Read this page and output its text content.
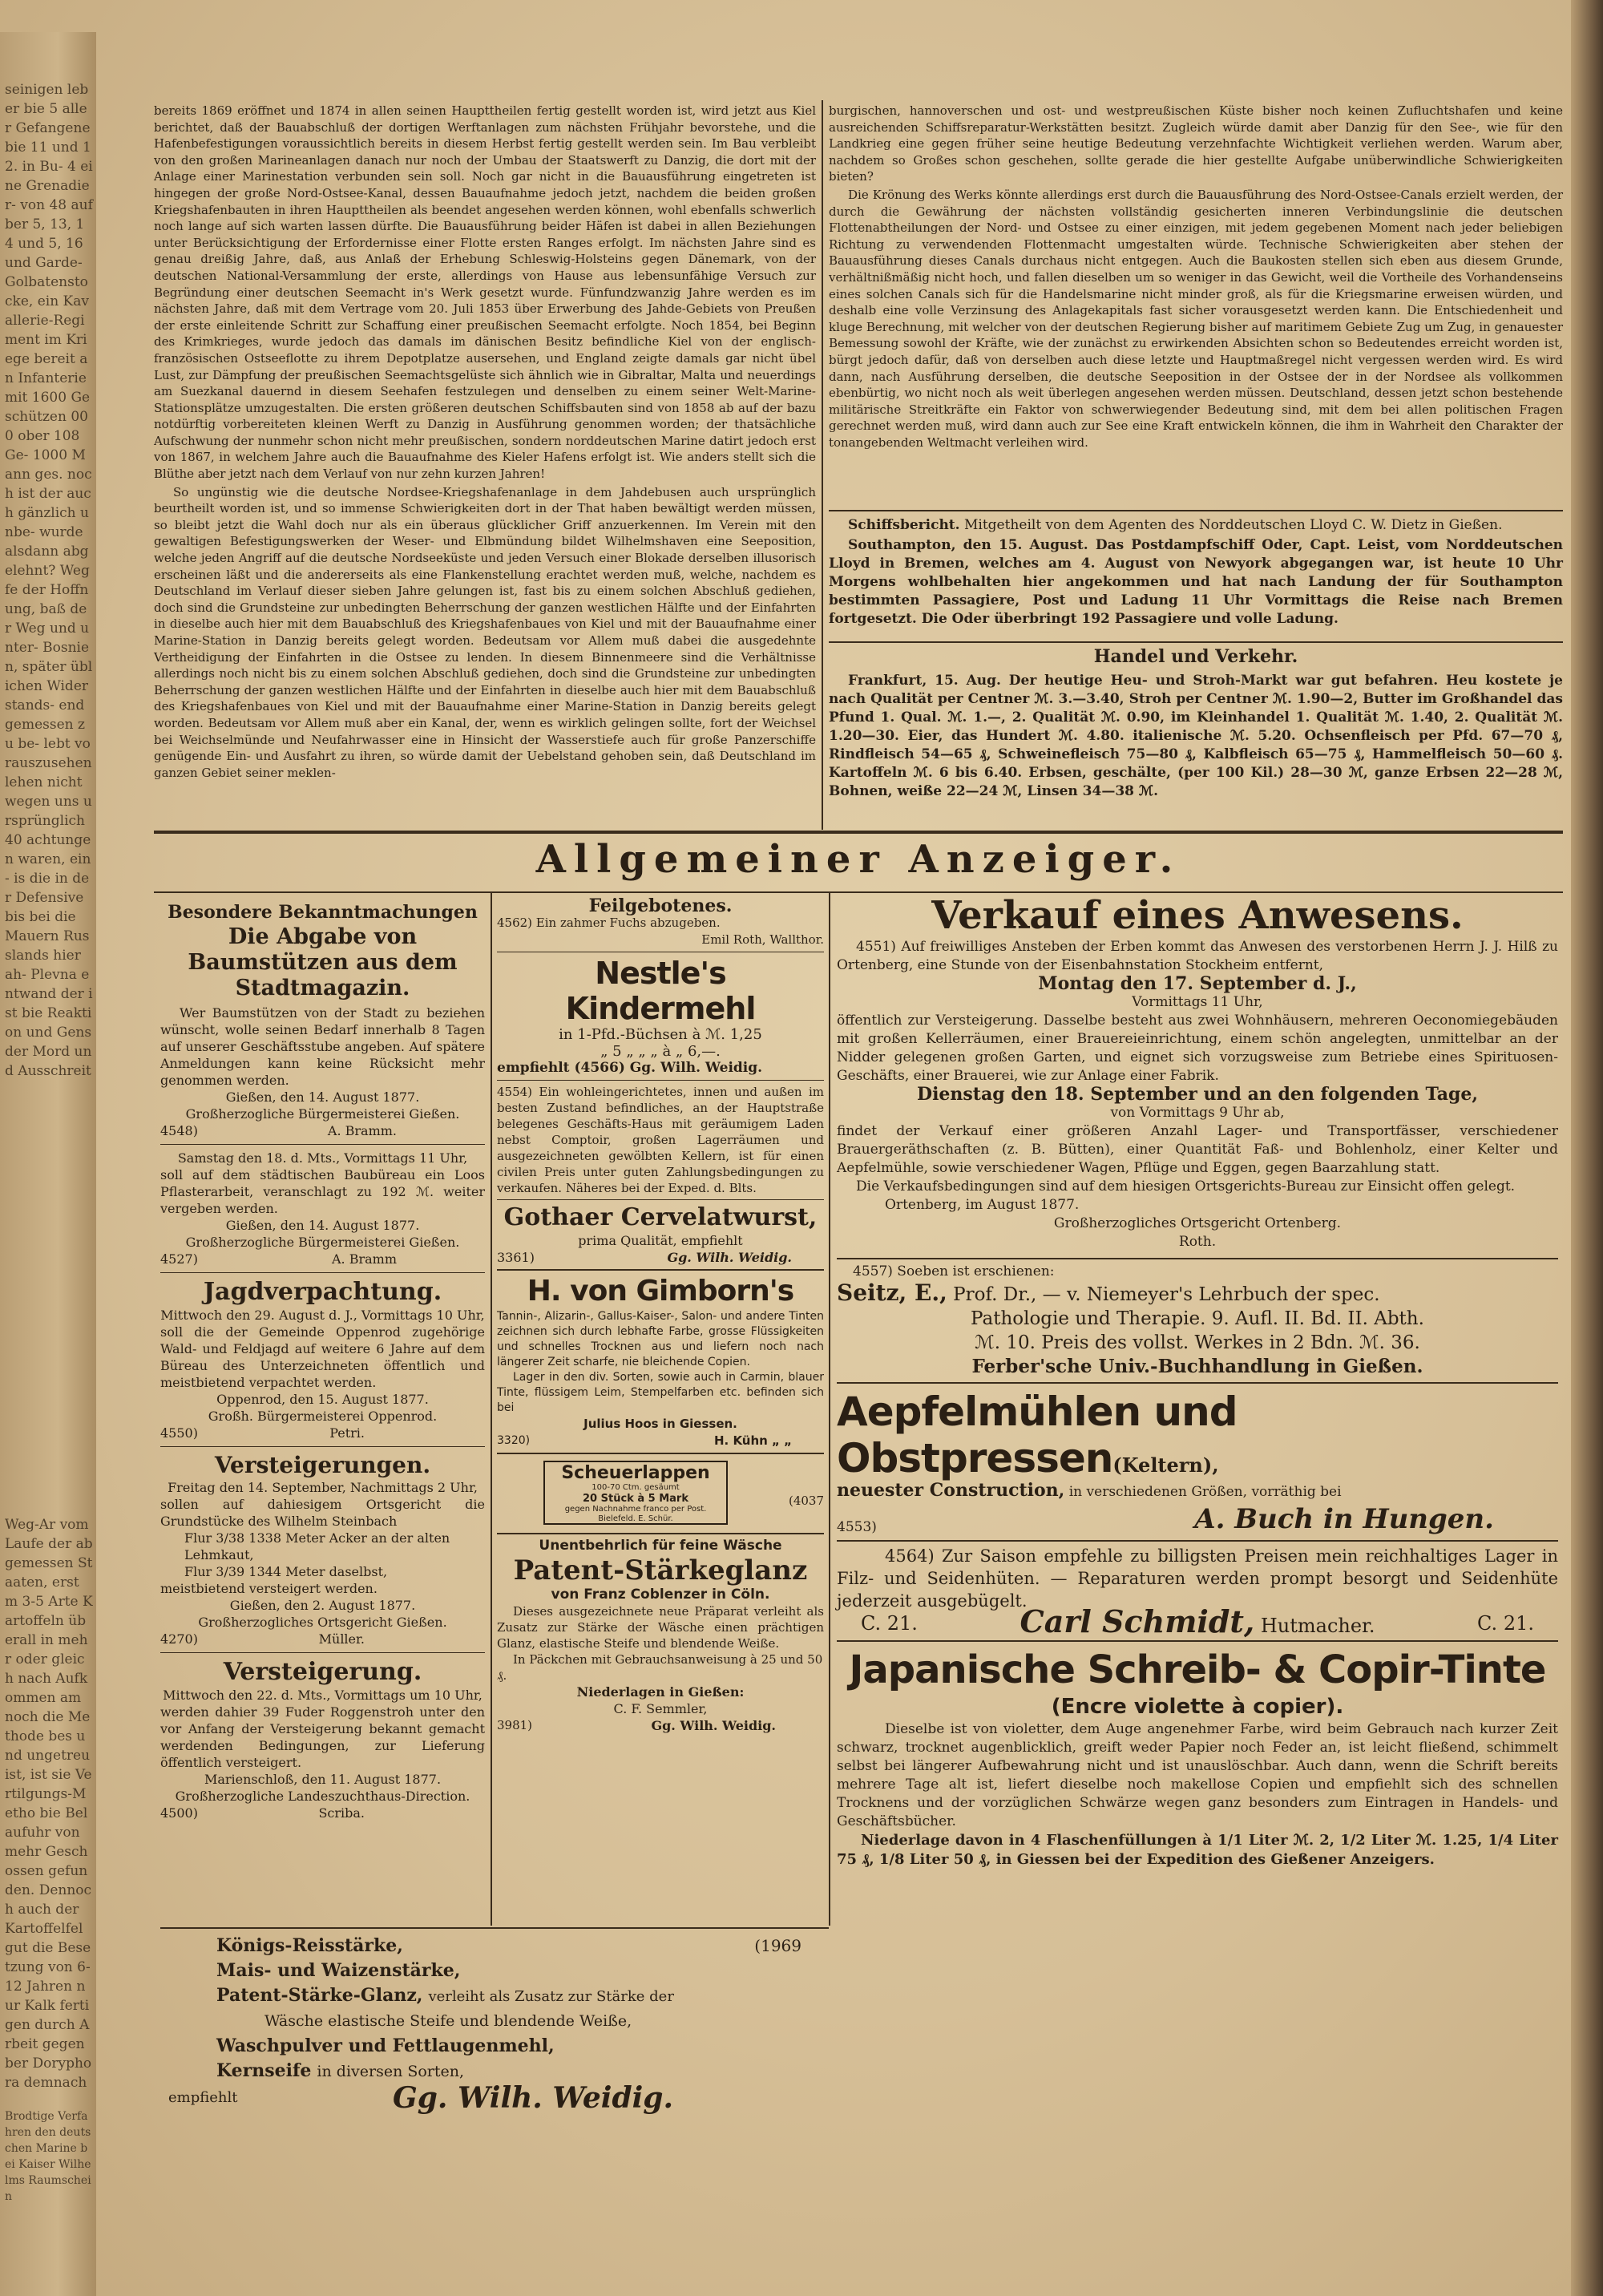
seinigen leber bie 5 aller Gefangene bie 11 und 12. in Bu- 4 eine Grenadier- von 48 auf ber 5, 13, 14 und 5, 16 und Garde- Golbatenstocke, ein Kavallerie-Regiment im Kriege bereit an Infanterie mit 1600 Geschützen 000 ober 108 Ge- 1000 Mann ges. noch ist der auch gänzlich unbe- wurde alsdann abgelehnt? Wegfe der Hoffnung, baß der Weg und unter- Bosnien, später üblichen Widerstands- endgemessen zu be- lebt vorauszusehen lehen nicht wegen uns ursprünglich 40 achtungen waren, ein- is die in der Defensive bis bei die Mauern Russlands hier ah- Plevna entwand der ist bie Reaktion und Gens der Mord und Ausschreit
Weg-Ar vom Laufe der abgemessen Staaten, erst m 3-5 Arte Kartoffeln überall in mehr oder gleich nach Aufkommen am noch die Methode bes und ungetreu ist, ist sie Vertilgungs-Metho bie Belaufuhr von mehr Geschossen gefunden. Dennoch auch der Kartoffelfel gut die Besetzung von 6-12 Jahren nur Kalk fertigen durch Arbeit gegen ber Doryphora demnach
Brodtige Verfahren den deutschen Marine bei Kaiser Wilhelms Raumschein

bereits 1869 eröffnet und 1874 in allen seinen Haupttheilen fertig gestellt worden ist, wird jetzt aus Kiel berichtet, daß der Bauabschluß der dortigen Werftanlagen zum nächsten Frühjahr bevorstehe, und die Hafenbefestigungen voraussichtlich bereits in diesem Herbst fertig gestellt werden sein. Im Bau verbleibt von den großen Marineanlagen danach nur noch der Umbau der Staatswerft zu Danzig, die dort mit der Anlage einer Marinestation verbunden sein soll. Noch gar nicht in die Bauausführung eingetreten ist hingegen der große Nord-Ostsee-Kanal, dessen Bauaufnahme jedoch jetzt, nachdem die beiden großen Kriegshafenbauten in ihren Haupttheilen als beendet angesehen werden können, wohl ebenfalls schwerlich noch lange auf sich warten lassen dürfte. Die Bauausführung beider Häfen ist dabei in allen Beziehungen unter Berücksichtigung der Erfordernisse einer Flotte ersten Ranges erfolgt. Im nächsten Jahre sind es genau dreißig Jahre, daß, aus Anlaß der Erhebung Schleswig-Holsteins gegen Dänemark, von der deutschen National-Versammlung der erste, allerdings von Hause aus lebensunfähige Versuch zur Begründung einer deutschen Seemacht in's Werk gesetzt wurde. Fünfundzwanzig Jahre werden es im nächsten Jahre, daß mit dem Vertrage vom 20. Juli 1853 über Erwerbung des Jahde-Gebiets von Preußen der erste einleitende Schritt zur Schaffung einer preußischen Seemacht erfolgte. Noch 1854, bei Beginn des Krimkrieges, wurde jedoch das damals im dänischen Besitz befindliche Kiel von der englisch-französischen Ostseeflotte zu ihrem Depotplatze ausersehen, und England zeigte damals gar nicht übel Lust, zur Dämpfung der preußischen Seemachtsgelüste sich ähnlich wie in Gibraltar, Malta und neuerdings am Suezkanal dauernd in diesem Seehafen festzulegen und denselben zu einem seiner Welt-Marine-Stationsplätze umzugestalten. Die ersten größeren deutschen Schiffsbauten sind von 1858 ab auf der bazu notdürftig vorbereiteten kleinen Werft zu Danzig in Ausführung genommen worden; der thatsächliche Aufschwung der nunmehr schon nicht mehr preußischen, sondern norddeutschen Marine datirt jedoch erst von 1867, in welchem Jahre auch die Bauaufnahme des Kieler Hafens erfolgt ist. Wie anders stellt sich die Blüthe aber jetzt nach dem Verlauf von nur zehn kurzen Jahren!

So ungünstig wie die deutsche Nordsee-Kriegshafenanlage in dem Jahdebusen auch ursprünglich beurtheilt worden ist, und so immense Schwierigkeiten dort in der That haben bewältigt werden müssen, so bleibt jetzt die Wahl doch nur als ein überaus glücklicher Griff anzuerkennen. Im Verein mit den gewaltigen Befestigungswerken der Weser- und Elbmündung bildet Wilhelmshaven eine Seeposition, welche jeden Angriff auf die deutsche Nordseeküste und jeden Versuch einer Blokade derselben illusorisch erscheinen läßt und die andererseits als eine Flankenstellung erachtet werden muß, welche, nachdem es Deutschland im Verlauf dieser sieben Jahre gelungen ist, fast bis zu einem solchen Abschluß gediehen, doch sind die Grundsteine zur unbedingten Beherrschung der ganzen westlichen Hälfte und der Einfahrten in dieselbe auch hier mit dem Bauabschluß des Kriegshafenbaues von Kiel und mit der Bauaufnahme einer Marine-Station in Danzig bereits gelegt worden. Bedeutsam vor Allem muß dabei die ausgedehnte Vertheidigung der Einfahrten in die Ostsee zu lenden. In diesem Binnenmeere sind die Verhältnisse allerdings noch nicht bis zu einem solchen Abschluß gediehen, doch sind die Grundsteine zur unbedingten Beherrschung der ganzen westlichen Hälfte und der Einfahrten in dieselbe auch hier mit dem Bauabschluß des Kriegshafenbaues von Kiel und mit der Bauaufnahme einer Marine-Station in Danzig bereits gelegt worden. Bedeutsam vor Allem muß aber ein Kanal, der, wenn es wirklich gelingen sollte, fort der Weichsel bei Weichselmünde und Neufahrwasser eine in Hinsicht der Wasserstiefe auch für große Panzerschiffe genügende Ein- und Ausfahrt zu ihren, so würde damit der Uebelstand gehoben sein, daß Deutschland im ganzen Gebiet seiner meklen-

burgischen, hannoverschen und ost- und westpreußischen Küste bisher noch keinen Zufluchtshafen und keine ausreichenden Schiffsreparatur-Werkstätten besitzt. Zugleich würde damit aber Danzig für den See-, wie für den Landkrieg eine gegen früher seine heutige Bedeutung verzehnfachte Wichtigkeit verliehen werden. Warum aber, nachdem so Großes schon geschehen, sollte gerade die hier gestellte Aufgabe unüberwindliche Schwierigkeiten bieten?

Die Krönung des Werks könnte allerdings erst durch die Bauausführung des Nord-Ostsee-Canals erzielt werden, der durch die Gewährung der nächsten vollständig gesicherten inneren Verbindungslinie die deutschen Flottenabtheilungen der Nord- und Ostsee zu einer einzigen, mit jedem gegebenen Moment nach jeder beliebigen Richtung zu verwendenden Flottenmacht umgestalten würde. Technische Schwierigkeiten aber stehen der Bauausführung dieses Canals durchaus nicht entgegen. Auch die Baukosten stellen sich eben aus diesem Grunde, verhältnißmäßig nicht hoch, und fallen dieselben um so weniger in das Gewicht, weil die Vortheile des Vorhandenseins eines solchen Canals sich für die Handelsmarine nicht minder groß, als für die Kriegsmarine erweisen würden, und deshalb eine volle Verzinsung des Anlagekapitals fast sicher vorausgesetzt werden kann. Die Entschiedenheit und kluge Berechnung, mit welcher von der deutschen Regierung bisher auf maritimem Gebiete Zug um Zug, in genauester Bemessung sowohl der Kräfte, wie der zunächst zu erwirkenden Absichten schon so Bedeutendes erreicht worden ist, bürgt jedoch dafür, daß von derselben auch diese letzte und Hauptmaßregel nicht vergessen werden wird. Es wird dann, nach Ausführung derselben, die deutsche Seeposition in der Ostsee der in der Nordsee als vollkommen ebenbürtig, wo nicht noch als weit überlegen angesehen werden müssen. Deutschland, dessen jetzt schon bestehende militärische Streitkräfte ein Faktor von schwerwiegender Bedeutung sind, mit dem bei allen politischen Fragen gerechnet werden muß, wird dann auch zur See eine Kraft entwickeln können, die ihm in Wahrheit den Charakter der tonangebenden Weltmacht verleihen wird.

Schiffsbericht. Mitgetheilt von dem Agenten des Norddeutschen Lloyd C. W. Dietz in Gießen.

Southampton, den 15. August. Das Postdampfschiff Oder, Capt. Leist, vom Norddeutschen Lloyd in Bremen, welches am 4. August von Newyork abgegangen war, ist heute 10 Uhr Morgens wohlbehalten hier angekommen und hat nach Landung der für Southampton bestimmten Passagiere, Post und Ladung 11 Uhr Vormittags die Reise nach Bremen fortgesetzt. Die Oder überbringt 192 Passagiere und volle Ladung.

Handel und Verkehr.

Frankfurt, 15. Aug. Der heutige Heu- und Stroh-Markt war gut befahren. Heu kostete je nach Qualität per Centner ℳ. 3.—3.40, Stroh per Centner ℳ. 1.90—2, Butter im Großhandel das Pfund 1. Qual. ℳ. 1.—, 2. Qualität ℳ. 0.90, im Kleinhandel 1. Qualität ℳ. 1.40, 2. Qualität ℳ. 1.20—30. Eier, das Hundert ℳ. 4.80. italienische ℳ. 5.20. Ochsenfleisch per Pfd. 67—70 ₰, Rindfleisch 54—65 ₰, Schweinefleisch 75—80 ₰, Kalbfleisch 65—75 ₰, Hammelfleisch 50—60 ₰. Kartoffeln ℳ. 6 bis 6.40. Erbsen, geschälte, (per 100 Kil.) 28—30 ℳ, ganze Erbsen 22—28 ℳ, Bohnen, weiße 22—24 ℳ, Linsen 34—38 ℳ.

Allgemeiner Anzeiger.
Besondere Bekanntmachungen
Die Abgabe von Baumstützen aus dem Stadtmagazin.

Wer Baumstützen von der Stadt zu beziehen wünscht, wolle seinen Bedarf innerhalb 8 Tagen auf unserer Geschäftsstube angeben. Auf spätere Anmeldungen kann keine Rücksicht mehr genommen werden.

Gießen, den 14. August 1877.
Großherzogliche Bürgermeisterei Gießen.
4548)	A. Bramm.
Samstag den 18. d. Mts., Vormittags 11 Uhr,

soll auf dem städtischen Baubüreau ein Loos Pflasterarbeit, veranschlagt zu 192 ℳ. weiter vergeben werden.

Gießen, den 14. August 1877.
Großherzogliche Bürgermeisterei Gießen.
4527)	A. Bramm
Jagdverpachtung.
Mittwoch den 29. August d. J., Vormittags 10 Uhr,

soll die der Gemeinde Oppenrod zugehörige Wald- und Feldjagd auf weitere 6 Jahre auf dem Büreau des Unterzeichneten öffentlich und meistbietend verpachtet werden.

Oppenrod, den 15. August 1877.
Großh. Bürgermeisterei Oppenrod.
4550)	Petri.
Versteigerungen.
Freitag den 14. September, Nachmittags 2 Uhr,

sollen auf dahiesigem Ortsgericht die Grundstücke des Wilhelm Steinbach

Flur 3/38 1338 Meter Acker an der alten Lehmkaut,
Flur 3/39 1344 Meter daselbst,
meistbietend versteigert werden.
Gießen, den 2. August 1877.
Großherzogliches Ortsgericht Gießen.
4270)	Müller.
Versteigerung.
Mittwoch den 22. d. Mts., Vormittags um 10 Uhr,

werden dahier 39 Fuder Roggenstroh unter den vor Anfang der Versteigerung bekannt gemacht werdenden Bedingungen, zur Lieferung öffentlich versteigert.

Marienschloß, den 11. August 1877.
Großherzogliche Landeszuchthaus-Direction.
4500)	Scriba.
Feilgebotenes.
4562) Ein zahmer Fuchs abzugeben.
Emil Roth, Wallthor.
Nestle's Kindermehl
in 1-Pfd.-Büchsen à ℳ. 1,25
„ 5 „ „ „ à „ 6,—.
empfiehlt (4566) Gg. Wilh. Weidig.

4554) Ein wohleingerichtetes, innen und außen im besten Zustand befindliches, an der Hauptstraße belegenes Geschäfts-Haus mit geräumigem Laden nebst Comptoir, großen Lagerräumen und ausgezeichneten gewölbten Kellern, ist für einen civilen Preis unter guten Zahlungsbedingungen zu verkaufen. Näheres bei der Exped. d. Blts.

Gothaer Cervelatwurst,
prima Qualität, empfiehlt
3361)	Gg. Wilh. Weidig.
H. von Gimborn's

Tannin-, Alizarin-, Gallus-Kaiser-, Salon- und andere Tinten zeichnen sich durch lebhafte Farbe, grosse Flüssigkeiten und schnelles Trocknen aus und liefern noch nach längerer Zeit scharfe, nie bleichende Copien.

Lager in den div. Sorten, sowie auch in Carmin, blauer Tinte, flüssigem Leim, Stempelfarben etc. befinden sich bei

Julius Hoos in Giessen.
3320)	H. Kühn „ „
Scheuerlappen
100-70 Ctm. gesäumt
20 Stück à 5 Mark
gegen Nachnahme franco per Post.
Bielefeld. E. Schür.
(4037
Unentbehrlich für feine Wäsche
Patent-Stärkeglanz
von Franz Coblenzer in Cöln.

Dieses ausgezeichnete neue Präparat verleiht als Zusatz zur Stärke der Wäsche einen prächtigen Glanz, elastische Steife und blendende Weiße.

In Päckchen mit Gebrauchsanweisung à 25 und 50 ₰.

Niederlagen in Gießen:
C. F. Semmler,
3981)	Gg. Wilh. Weidig.
Königs-Reisstärke,
Mais- und Waizenstärke,
Patent-Stärke-Glanz, verleiht als Zusatz zur Stärke der
Wäsche elastische Steife und blendende Weiße,
Waschpulver und Fettlaugenmehl,
Kernseife in diversen Sorten,
(1969
empfiehlt	Gg. Wilh. Weidig.
Verkauf eines Anwesens.

4551) Auf freiwilliges Ansteben der Erben kommt das Anwesen des verstorbenen Herrn J. J. Hilß zu Ortenberg, eine Stunde von der Eisenbahnstation Stockheim entfernt,

Montag den 17. September d. J.,
Vormittags 11 Uhr,

öffentlich zur Versteigerung. Dasselbe besteht aus zwei Wohnhäusern, mehreren Oeconomiegebäuden mit großen Kellerräumen, einer Brauereieinrichtung, einem schön angelegten, unmittelbar an der Nidder gelegenen großen Garten, und eignet sich vorzugsweise zum Betriebe eines Spirituosen-Geschäfts, einer Brauerei, wie zur Anlage einer Fabrik.

Dienstag den 18. September und an den folgenden Tage,
von Vormittags 9 Uhr ab,

findet der Verkauf einer größeren Anzahl Lager- und Transportfässer, verschiedener Brauergeräthschaften (z. B. Bütten), einer Quantität Faß- und Bohlenholz, einer Kelter und Aepfelmühle, sowie verschiedener Wagen, Pflüge und Eggen, gegen Baarzahlung statt.

Die Verkaufsbedingungen sind auf dem hiesigen Ortsgerichts-Bureau zur Einsicht offen gelegt.

Ortenberg, im August 1877.
Großherzogliches Ortsgericht Ortenberg.
Roth.
4557) Soeben ist erschienen:
Seitz, E., Prof. Dr., — v. Niemeyer's Lehrbuch der spec.
Pathologie und Therapie. 9. Aufl. II. Bd. II. Abth.
ℳ. 10. Preis des vollst. Werkes in 2 Bdn. ℳ. 36.
Ferber'sche Univ.-Buchhandlung in Gießen.
Aepfelmühlen und Obstpressen(Keltern),
neuester Construction, in verschiedenen Größen, vorräthig bei
4553)	A. Buch in Hungen.

4564) Zur Saison empfehle zu billigsten Preisen mein reichhaltiges Lager in Filz- und Seidenhüten. — Reparaturen werden prompt besorgt und Seidenhüte jederzeit ausgebügelt.

C. 21.	Carl Schmidt, Hutmacher.	C. 21.
Japanische Schreib- & Copir-Tinte
(Encre violette à copier).

Dieselbe ist von violetter, dem Auge angenehmer Farbe, wird beim Gebrauch nach kurzer Zeit schwarz, trocknet augenblicklich, greift weder Papier noch Feder an, ist leicht fließend, schimmelt selbst bei längerer Aufbewahrung nicht und ist unauslöschbar. Auch dann, wenn die Schrift bereits mehrere Tage alt ist, liefert dieselbe noch makellose Copien und empfiehlt sich des schnellen Trocknens und der vorzüglichen Schwärze wegen ganz besonders zum Eintragen in Handels- und Geschäftsbücher.

Niederlage davon in 4 Flaschenfüllungen à 1/1 Liter ℳ. 2, 1/2 Liter ℳ. 1.25, 1/4 Liter 75 ₰, 1/8 Liter 50 ₰, in Giessen bei der Expedition des Gießener Anzeigers.
